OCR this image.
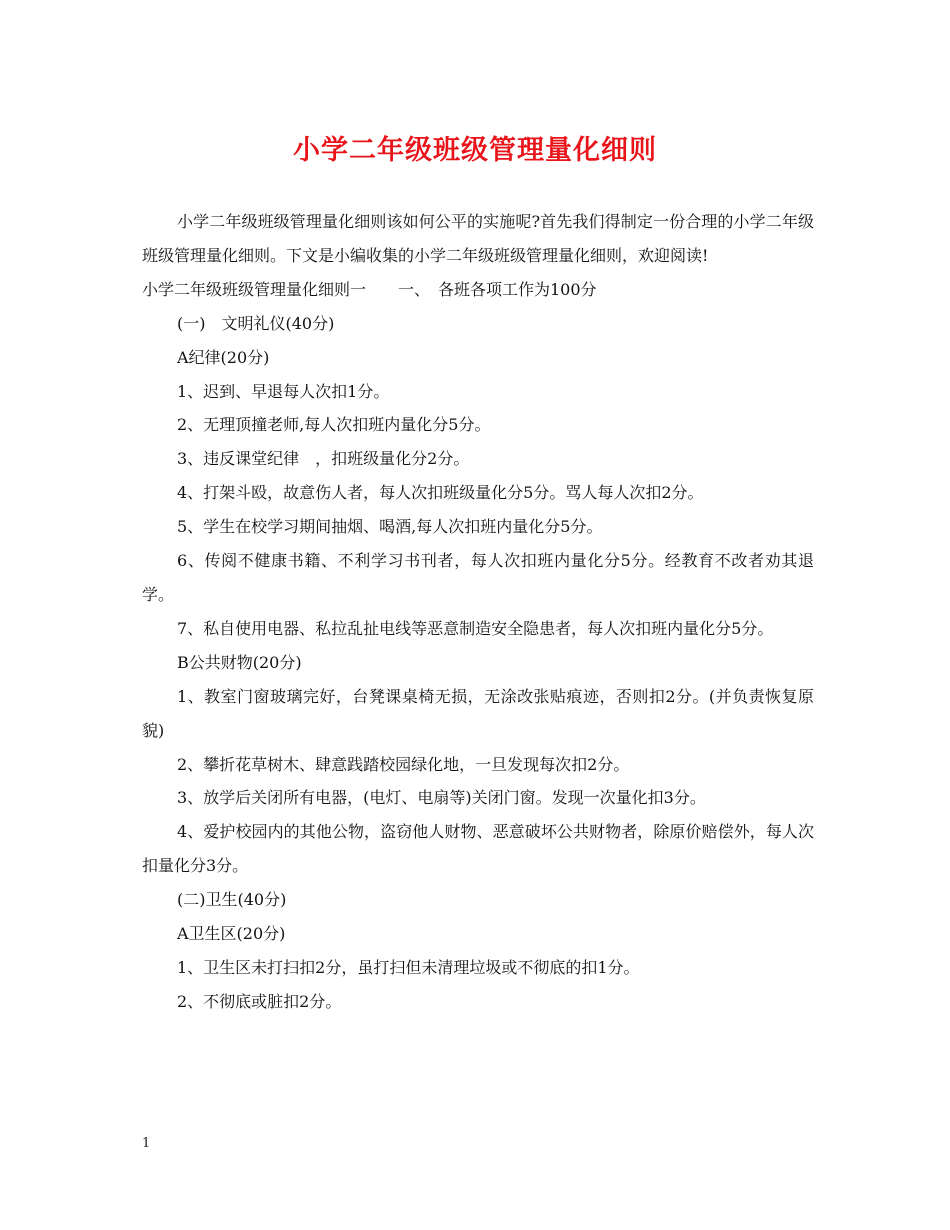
小学二年级班级管理量化细则

小学二年级班级管理量化细则该如何公平的实施呢?首先我们得制定一份合理的小学二年级班级管理量化细则。下文是小编收集的小学二年级班级管理量化细则，欢迎阅读!

小学二年级班级管理量化细则一　　一、　各班各项工作为100分

(一)　文明礼仪(40分)

A纪律(20分)

1、迟到、早退每人次扣1分。

2、无理顶撞老师,每人次扣班内量化分5分。

3、违反课堂纪律　，扣班级量化分2分。

4、打架斗殴，故意伤人者，每人次扣班级量化分5分。骂人每人次扣2分。

5、学生在校学习期间抽烟、喝酒,每人次扣班内量化分5分。

6、传阅不健康书籍、不利学习书刊者，每人次扣班内量化分5分。经教育不改者劝其退学。

7、私自使用电器、私拉乱扯电线等恶意制造安全隐患者，每人次扣班内量化分5分。

B公共财物(20分)

1、教室门窗玻璃完好，台凳课桌椅无损，无涂改张贴痕迹，否则扣2分。(并负责恢复原貌)

2、攀折花草树木、肆意践踏校园绿化地，一旦发现每次扣2分。

3、放学后关闭所有电器，(电灯、电扇等)关闭门窗。发现一次量化扣3分。

4、爱护校园内的其他公物，盗窃他人财物、恶意破坏公共财物者，除原价赔偿外，每人次扣量化分3分。

(二)卫生(40分)

A卫生区(20分)

1、卫生区未打扫扣2分，虽打扫但未清理垃圾或不彻底的扣1分。

2、不彻底或脏扣2分。

1
